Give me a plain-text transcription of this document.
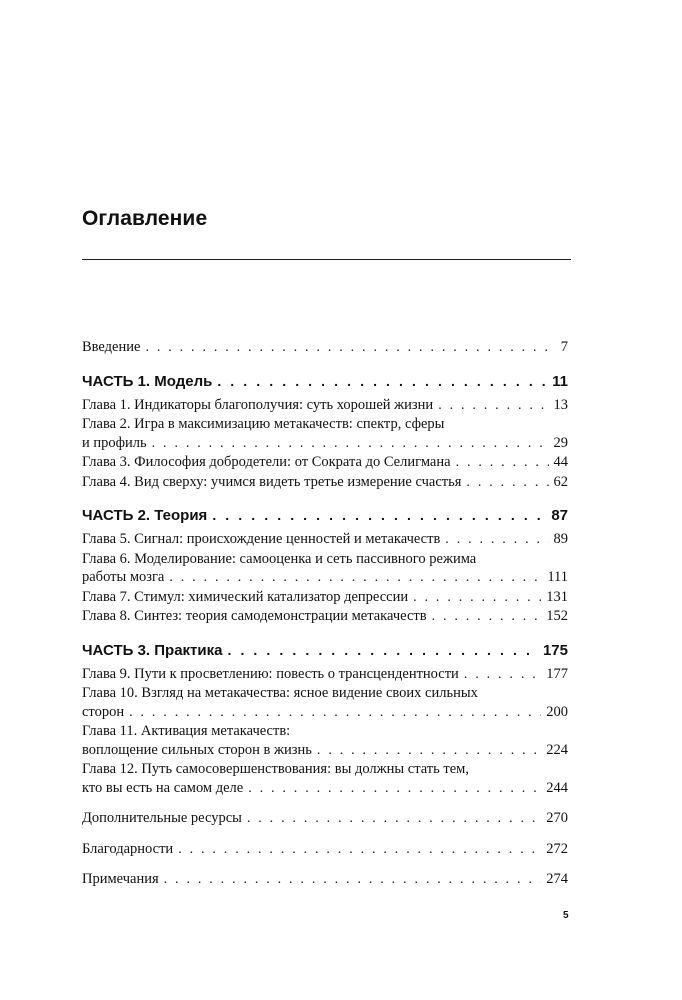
Оглавление
Введение . . .	7
ЧАСТЬ 1. Модель . . .	11
Глава 1. Индикаторы благополучия: суть хорошей жизни . . .	13
Глава 2. Игра в максимизацию метакачеств: спектр, сферы
и профиль . . .	29
Глава 3. Философия добродетели: от Сократа до Селигмана . . .	44
Глава 4. Вид сверху: учимся видеть третье измерение счастья . . .	62
ЧАСТЬ 2. Теория . . .	87
Глава 5. Сигнал: происхождение ценностей и метакачеств . . .	89
Глава 6. Моделирование: самооценка и сеть пассивного режима
работы мозга . . .	111
Глава 7. Стимул: химический катализатор депрессии . . .	131
Глава 8. Синтез: теория самодемонстрации метакачеств . . .	152
ЧАСТЬ 3. Практика . . .	175
Глава 9. Пути к просветлению: повесть о трансцендентности . . .	177
Глава 10. Взгляд на метакачества: ясное видение своих сильных
сторон . . .	200
Глава 11. Активация метакачеств:
воплощение сильных сторон в жизнь . . .	224
Глава 12. Путь самосовершенствования: вы должны стать тем,
кто вы есть на самом деле . . .	244
Дополнительные ресурсы . . .	270
Благодарности . . .	272
Примечания . . .	274
5
